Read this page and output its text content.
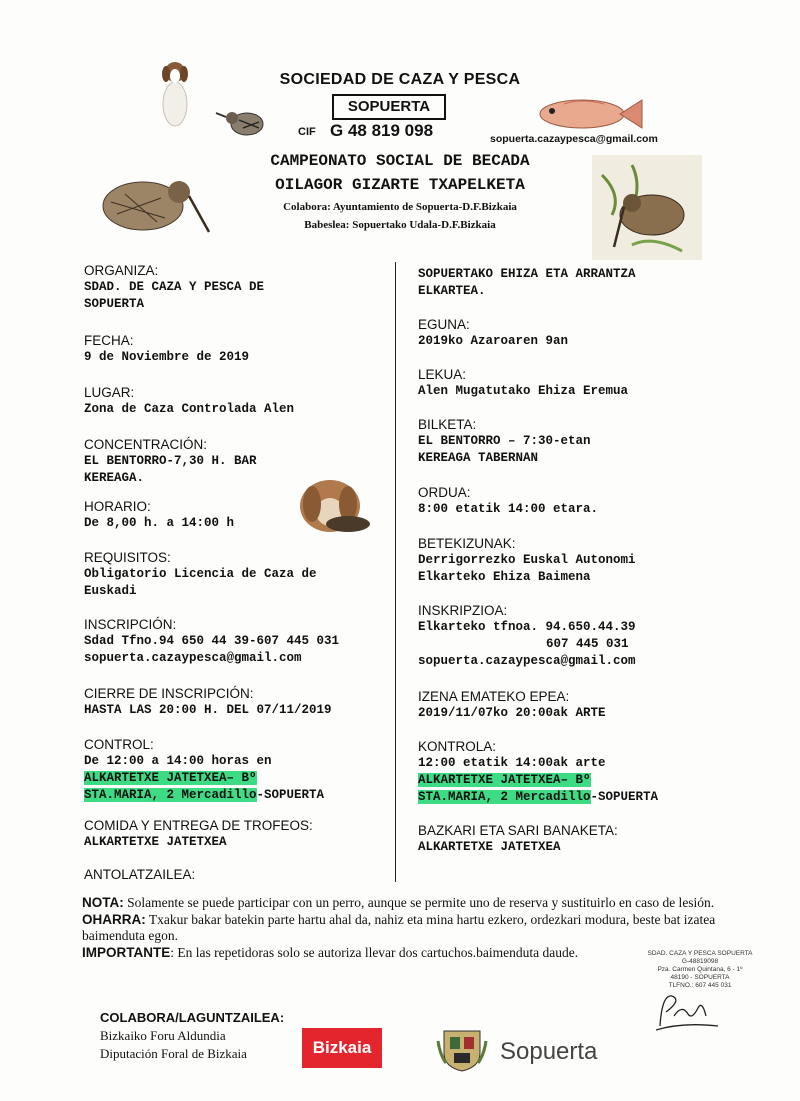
SOCIEDAD DE CAZA Y PESCA
SOPUERTA
CIF G 48 819 098	sopuerta.cazaypesca@gmail.com
CAMPEONATO SOCIAL DE BECADA
OILAGOR GIZARTE TXAPELKETA
Colabora: Ayuntamiento de Sopuerta-D.F.Bizkaia
Babeslea: Sopuertako Udala-D.F.Bizkaia

ORGANIZA:

SDAD. DE CAZA Y PESCA DE SOPUERTA

FECHA:

9 de Noviembre de 2019

LUGAR:

Zona de Caza Controlada Alen

CONCENTRACIÓN:

EL BENTORRO-7,30 H. BAR

KEREAGA.

HORARIO:

De 8,00 h. a 14:00 h

REQUISITOS:

Obligatorio Licencia de Caza de Euskadi

INSCRIPCIÓN:

Sdad Tfno.94 650 44 39-607 445 031

sopuerta.cazaypesca@gmail.com

CIERRE DE INSCRIPCIÓN:

HASTA LAS 20:00 H. DEL 07/11/2019

CONTROL:

De 12:00 a 14:00 horas en

ALKARTETXE JATETXEA– Bº

STA.MARIA, 2 Mercadillo-SOPUERTA

COMIDA Y ENTREGA DE TROFEOS:

ALKARTETXE JATETXEA

ANTOLATZAILEA:

SOPUERTAKO EHIZA ETA ARRANTZA ELKARTEA.

EGUNA:

2019ko Azaroaren 9an

LEKUA:

Alen Mugatutako Ehiza Eremua

BILKETA:

EL BENTORRO – 7:30-etan

KEREAGA TABERNAN

ORDUA:

8:00 etatik 14:00 etara.

BETEKIZUNAK:

Derrigorrezko Euskal Autonomi Elkarteko Ehiza Baimena

INSKRIPZIOA:

Elkarteko tfnoa. 94.650.44.39

607 445 031

sopuerta.cazaypesca@gmail.com

IZENA EMATEKO EPEA:

2019/11/07ko 20:00ak ARTE

KONTROLA:

12:00 etatik 14:00ak arte

ALKARTETXE JATETXEA– Bº

STA.MARIA, 2 Mercadillo-SOPUERTA

BAZKARI ETA SARI BANAKETA:

ALKARTETXE JATETXEA

NOTA: Solamente se puede participar con un perro, aunque se permite uno de reserva y sustituirlo en caso de lesión.
OHARRA: Txakur bakar batekin parte hartu ahal da, nahiz eta mina hartu ezkero, ordezkari modura, beste bat izatea baimenduta egon.
IMPORTANTE: En las repetidoras solo se autoriza llevar dos cartuchos.baimenduta daude.	SDAD. CAZA Y PESCA SOPUERTA
G-48819098
Pza. Carmen Quintana, 6 - 1º
48190 - SOPUERTA
TLFNO.: 607 445 031
COLABORA/LAGUNTZAILEA:
Bizkaiko Foru Aldundia
Diputación Foral de Bizkaia	Bizkaia	Sopuerta
